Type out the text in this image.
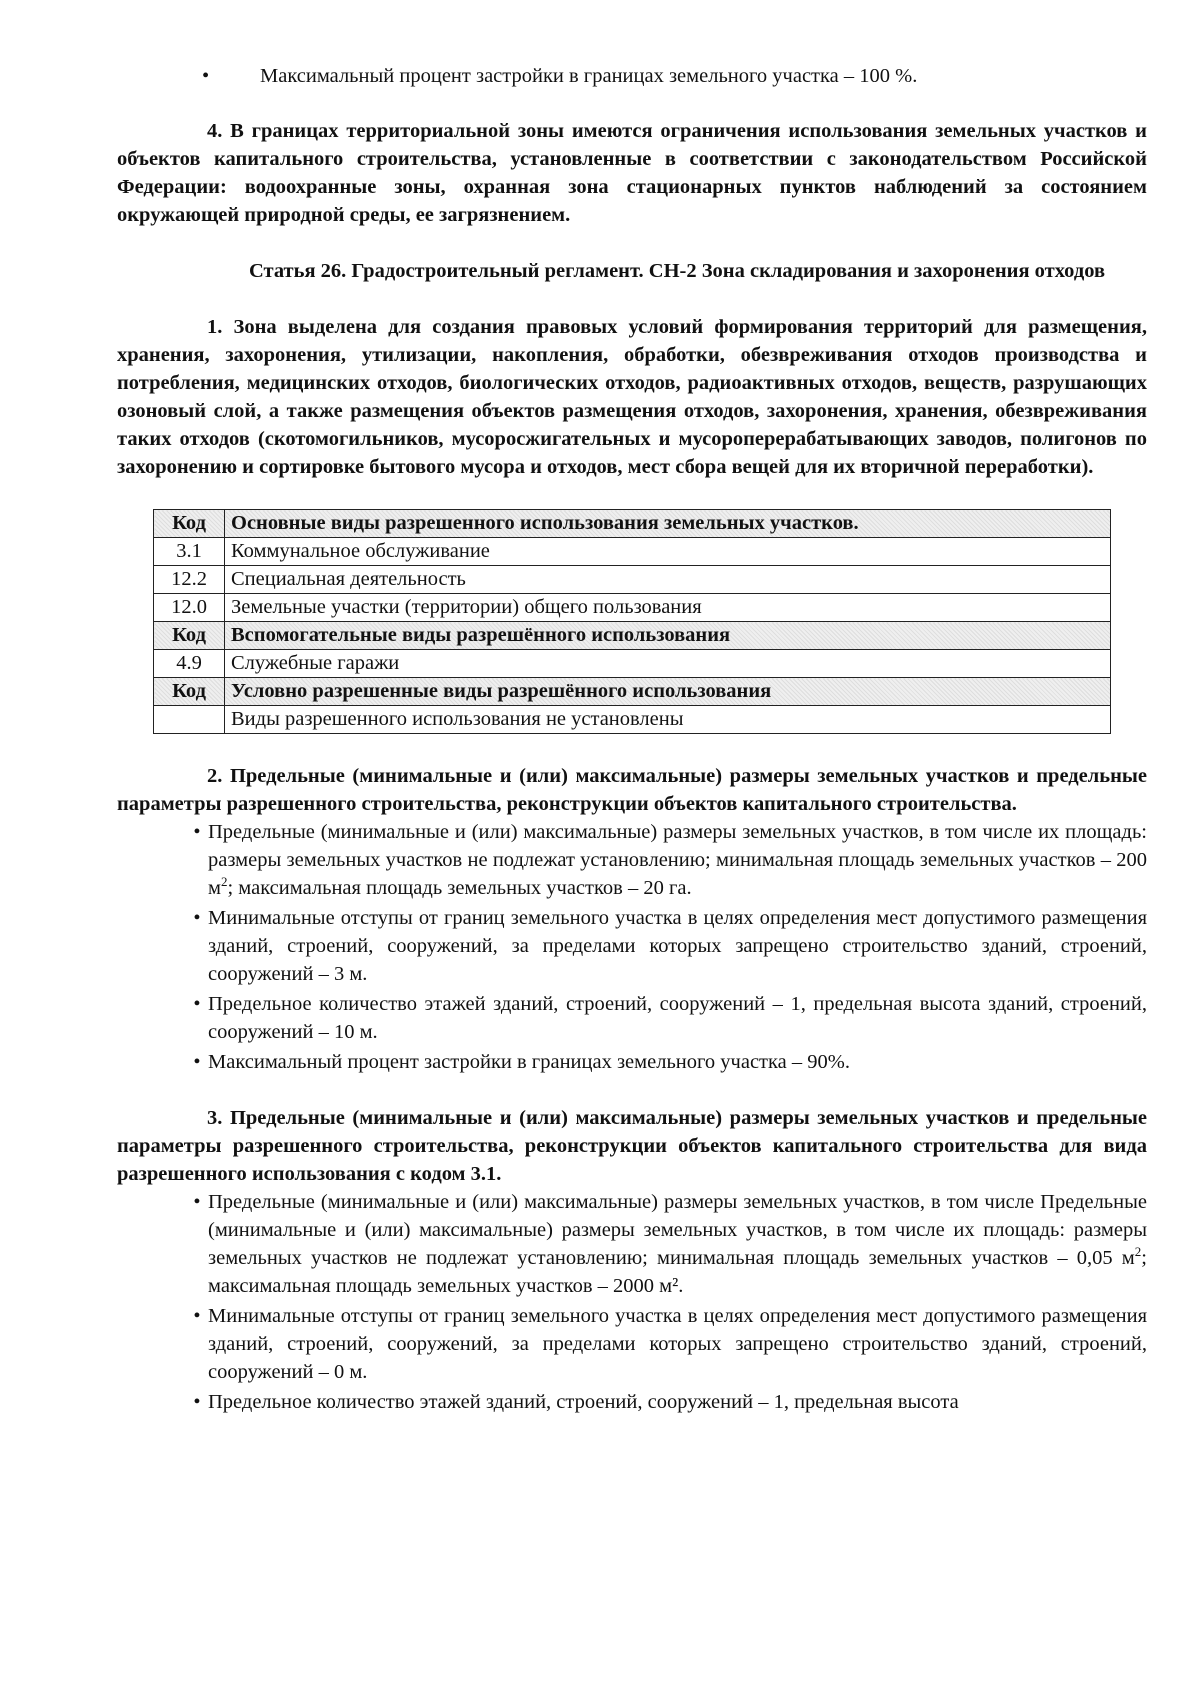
•	Максимальный процент застройки в границах земельного участка – 100 %.

4. В границах территориальной зоны имеются ограничения использования земельных участков и объектов капитального строительства, установленные в соответствии с законодательством Российской Федерации: водоохранные зоны, охранная зона стационарных пунктов наблюдений за состоянием окружающей природной среды, ее загрязнением.

Статья 26. Градостроительный регламент. СН-2 Зона складирования и захоронения отходов

1. Зона выделена для создания правовых условий формирования территорий для размещения, хранения, захоронения, утилизации, накопления, обработки, обезвреживания отходов производства и потребления, медицинских отходов, биологических отходов, радиоактивных отходов, веществ, разрушающих озоновый слой, а также размещения объектов размещения отходов, захоронения, хранения, обезвреживания таких отходов (скотомогильников, мусоросжигательных и мусороперерабатывающих заводов, полигонов по захоронению и сортировке бытового мусора и отходов, мест сбора вещей для их вторичной переработки).

Код	Основные виды разрешенного использования земельных участков.
3.1	Коммунальное обслуживание
12.2	Специальная деятельность
12.0	Земельные участки (территории) общего пользования
Код	Вспомогательные виды разрешённого использования
4.9	Служебные гаражи
Код	Условно разрешенные виды разрешённого использования
	Виды разрешенного использования не установлены

2. Предельные (минимальные и (или) максимальные) размеры земельных участков и предельные параметры разрешенного строительства, реконструкции объектов капитального строительства.

• Предельные (минимальные и (или) максимальные) размеры земельных участков, в том числе их площадь: размеры земельных участков не подлежат установлению; минимальная площадь земельных участков – 200 $м^2$; максимальная площадь земельных участков – 20 га.
• Минимальные отступы от границ земельного участка в целях определения мест допустимого размещения зданий, строений, сооружений, за пределами которых запрещено строительство зданий, строений, сооружений – 3 м.
• Предельное количество этажей зданий, строений, сооружений – 1, предельная высота зданий, строений, сооружений – 10 м.
• Максимальный процент застройки в границах земельного участка – 90%.

3. Предельные (минимальные и (или) максимальные) размеры земельных участков и предельные параметры разрешенного строительства, реконструкции объектов капитального строительства для вида разрешенного использования с кодом 3.1.

• Предельные (минимальные и (или) максимальные) размеры земельных участков, в том числе Предельные (минимальные и (или) максимальные) размеры земельных участков, в том числе их площадь: размеры земельных участков не подлежат установлению; минимальная площадь земельных участков – 0,05 $м^2$; максимальная площадь земельных участков – 2000 м².
• Минимальные отступы от границ земельного участка в целях определения мест допустимого размещения зданий, строений, сооружений, за пределами которых запрещено строительство зданий, строений, сооружений – 0 м.
• Предельное количество этажей зданий, строений, сооружений – 1, предельная высота
